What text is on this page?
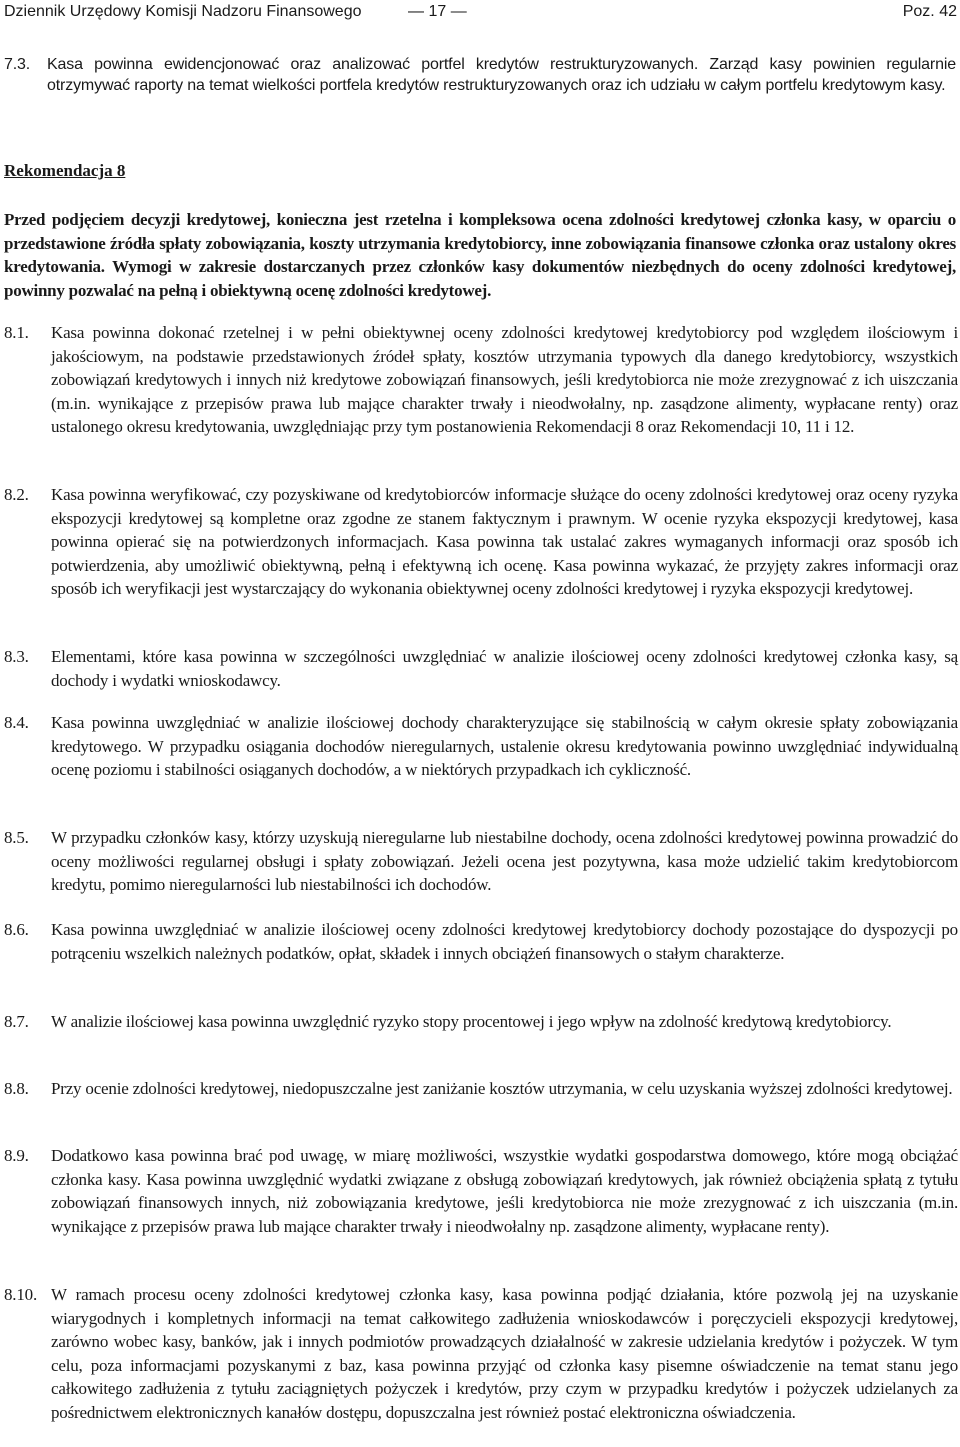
Dziennik Urzędowy Komisji Nadzoru Finansowego	— 17 —	Poz. 42
7.3. Kasa powinna ewidencjonować oraz analizować portfel kredytów restrukturyzowanych. Zarząd kasy powinien regularnie otrzymywać raporty na temat wielkości portfela kredytów restrukturyzowanych oraz ich udziału w całym portfelu kredytowym kasy.
Rekomendacja 8
Przed podjęciem decyzji kredytowej, konieczna jest rzetelna i kompleksowa ocena zdolności kredytowej członka kasy, w oparciu o przedstawione źródła spłaty zobowiązania, koszty utrzymania kredytobiorcy, inne zobowiązania finansowe członka oraz ustalony okres kredytowania. Wymogi w zakresie dostarczanych przez członków kasy dokumentów niezbędnych do oceny zdolności kredytowej, powinny pozwalać na pełną i obiektywną ocenę zdolności kredytowej.
8.1. Kasa powinna dokonać rzetelnej i w pełni obiektywnej oceny zdolności kredytowej kredytobiorcy pod względem ilościowym i jakościowym, na podstawie przedstawionych źródeł spłaty, kosztów utrzymania typowych dla danego kredytobiorcy, wszystkich zobowiązań kredytowych i innych niż kredytowe zobowiązań finansowych, jeśli kredytobiorca nie może zrezygnować z ich uiszczania (m.in. wynikające z przepisów prawa lub mające charakter trwały i nieodwołalny, np. zasądzone alimenty, wypłacane renty) oraz ustalonego okresu kredytowania, uwzględniając przy tym postanowienia Rekomendacji 8 oraz Rekomendacji 10, 11 i 12.
8.2. Kasa powinna weryfikować, czy pozyskiwane od kredytobiorców informacje służące do oceny zdolności kredytowej oraz oceny ryzyka ekspozycji kredytowej są kompletne oraz zgodne ze stanem faktycznym i prawnym. W ocenie ryzyka ekspozycji kredytowej, kasa powinna opierać się na potwierdzonych informacjach. Kasa powinna tak ustalać zakres wymaganych informacji oraz sposób ich potwierdzenia, aby umożliwić obiektywną, pełną i efektywną ich ocenę. Kasa powinna wykazać, że przyjęty zakres informacji oraz sposób ich weryfikacji jest wystarczający do wykonania obiektywnej oceny zdolności kredytowej i ryzyka ekspozycji kredytowej.
8.3. Elementami, które kasa powinna w szczególności uwzględniać w analizie ilościowej oceny zdolności kredytowej członka kasy, są dochody i wydatki wnioskodawcy.
8.4. Kasa powinna uwzględniać w analizie ilościowej dochody charakteryzujące się stabilnością w całym okresie spłaty zobowiązania kredytowego. W przypadku osiągania dochodów nieregularnych, ustalenie okresu kredytowania powinno uwzględniać indywidualną ocenę poziomu i stabilności osiąganych dochodów, a w niektórych przypadkach ich cykliczność.
8.5. W przypadku członków kasy, którzy uzyskują nieregularne lub niestabilne dochody, ocena zdolności kredytowej powinna prowadzić do oceny możliwości regularnej obsługi i spłaty zobowiązań. Jeżeli ocena jest pozytywna, kasa może udzielić takim kredytobiorcom kredytu, pomimo nieregularności lub niestabilności ich dochodów.
8.6. Kasa powinna uwzględniać w analizie ilościowej oceny zdolności kredytowej kredytobiorcy dochody pozostające do dyspozycji po potrąceniu wszelkich należnych podatków, opłat, składek i innych obciążeń finansowych o stałym charakterze.
8.7. W analizie ilościowej kasa powinna uwzględnić ryzyko stopy procentowej i jego wpływ na zdolność kredytową kredytobiorcy.
8.8. Przy ocenie zdolności kredytowej, niedopuszczalne jest zaniżanie kosztów utrzymania, w celu uzyskania wyższej zdolności kredytowej.
8.9. Dodatkowo kasa powinna brać pod uwagę, w miarę możliwości, wszystkie wydatki gospodarstwa domowego, które mogą obciążać członka kasy. Kasa powinna uwzględnić wydatki związane z obsługą zobowiązań kredytowych, jak również obciążenia spłatą z tytułu zobowiązań finansowych innych, niż zobowiązania kredytowe, jeśli kredytobiorca nie może zrezygnować z ich uiszczania (m.in. wynikające z przepisów prawa lub mające charakter trwały i nieodwołalny np. zasądzone alimenty, wypłacane renty).
8.10. W ramach procesu oceny zdolności kredytowej członka kasy, kasa powinna podjąć działania, które pozwolą jej na uzyskanie wiarygodnych i kompletnych informacji na temat całkowitego zadłużenia wnioskodawców i poręczycieli ekspozycji kredytowej, zarówno wobec kasy, banków, jak i innych podmiotów prowadzących działalność w zakresie udzielania kredytów i pożyczek. W tym celu, poza informacjami pozyskanymi z baz, kasa powinna przyjąć od członka kasy pisemne oświadczenie na temat stanu jego całkowitego zadłużenia z tytułu zaciągniętych pożyczek i kredytów, przy czym w przypadku kredytów i pożyczek udzielanych za pośrednictwem elektronicznych kanałów dostępu, dopuszczalna jest również postać elektroniczna oświadczenia.
